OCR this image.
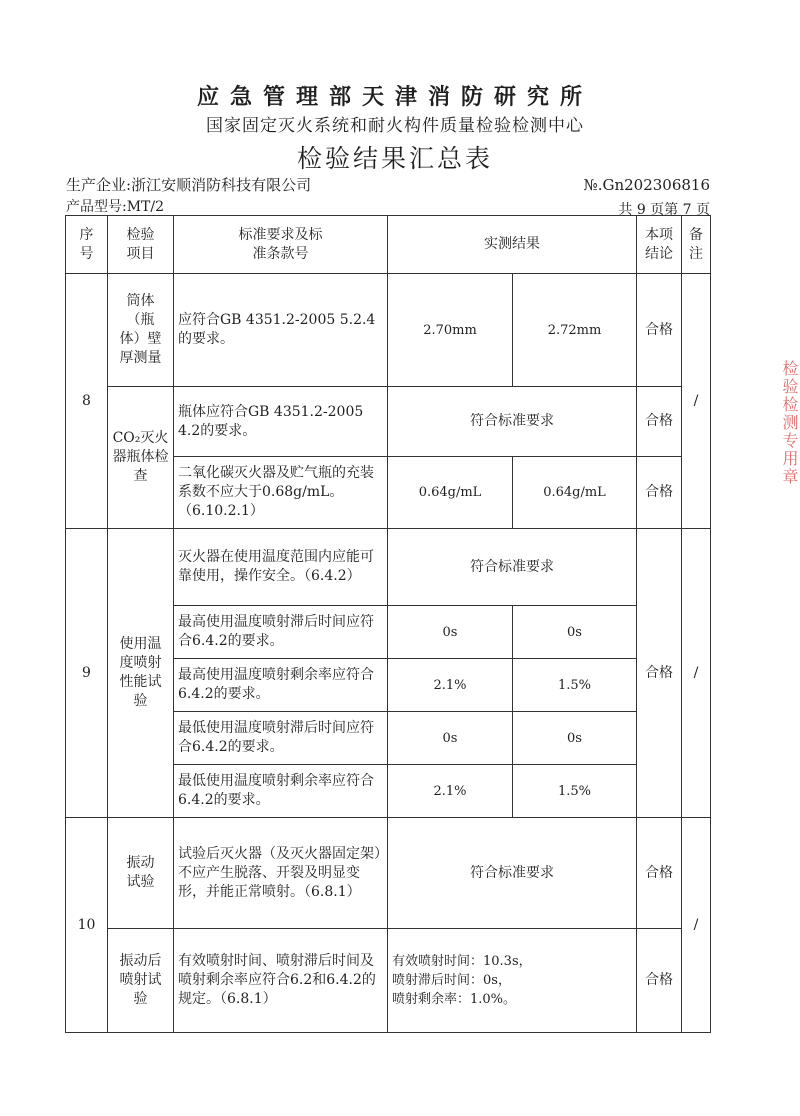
应急管理部天津消防研究所
国家固定灭火系统和耐火构件质量检验检测中心
检验结果汇总表
生产企业:浙江安顺消防科技有限公司	№.Gn202306816
产品型号:MT/2	共 9 页第 7 页
序号	检验项目	标准要求及标准条款号	实测结果		本项结论	备注
8	筒体（瓶体）壁厚测量	应符合GB 4351.2-2005 5.2.4的要求。	2.70mm	2.72mm	合格	/
	CO₂灭火器瓶体检查	瓶体应符合GB 4351.2-2005 4.2的要求。	符合标准要求		合格	
		二氧化碳灭火器及贮气瓶的充装系数不应大于0.68g/mL。（6.10.2.1）	0.64g/mL	0.64g/mL	合格	
9	使用温度喷射性能试验	灭火器在使用温度范围内应能可靠使用，操作安全。（6.4.2）	符合标准要求		合格	/
		最高使用温度喷射滞后时间应符合6.4.2的要求。	0s	0s		
		最高使用温度喷射剩余率应符合6.4.2的要求。	2.1%	1.5%		
		最低使用温度喷射滞后时间应符合6.4.2的要求。	0s	0s		
		最低使用温度喷射剩余率应符合6.4.2的要求。	2.1%	1.5%		
10	振动试验	试验后灭火器（及灭火器固定架）不应产生脱落、开裂及明显变形，并能正常喷射。（6.8.1）	符合标准要求		合格	/
	振动后喷射试验	有效喷射时间、喷射滞后时间及喷射剩余率应符合6.2和6.4.2的规定。（6.8.1）	有效喷射时间：10.3s，
喷射滞后时间：0s，
喷射剩余率：1.0%。		合格	
检验检测专用章
